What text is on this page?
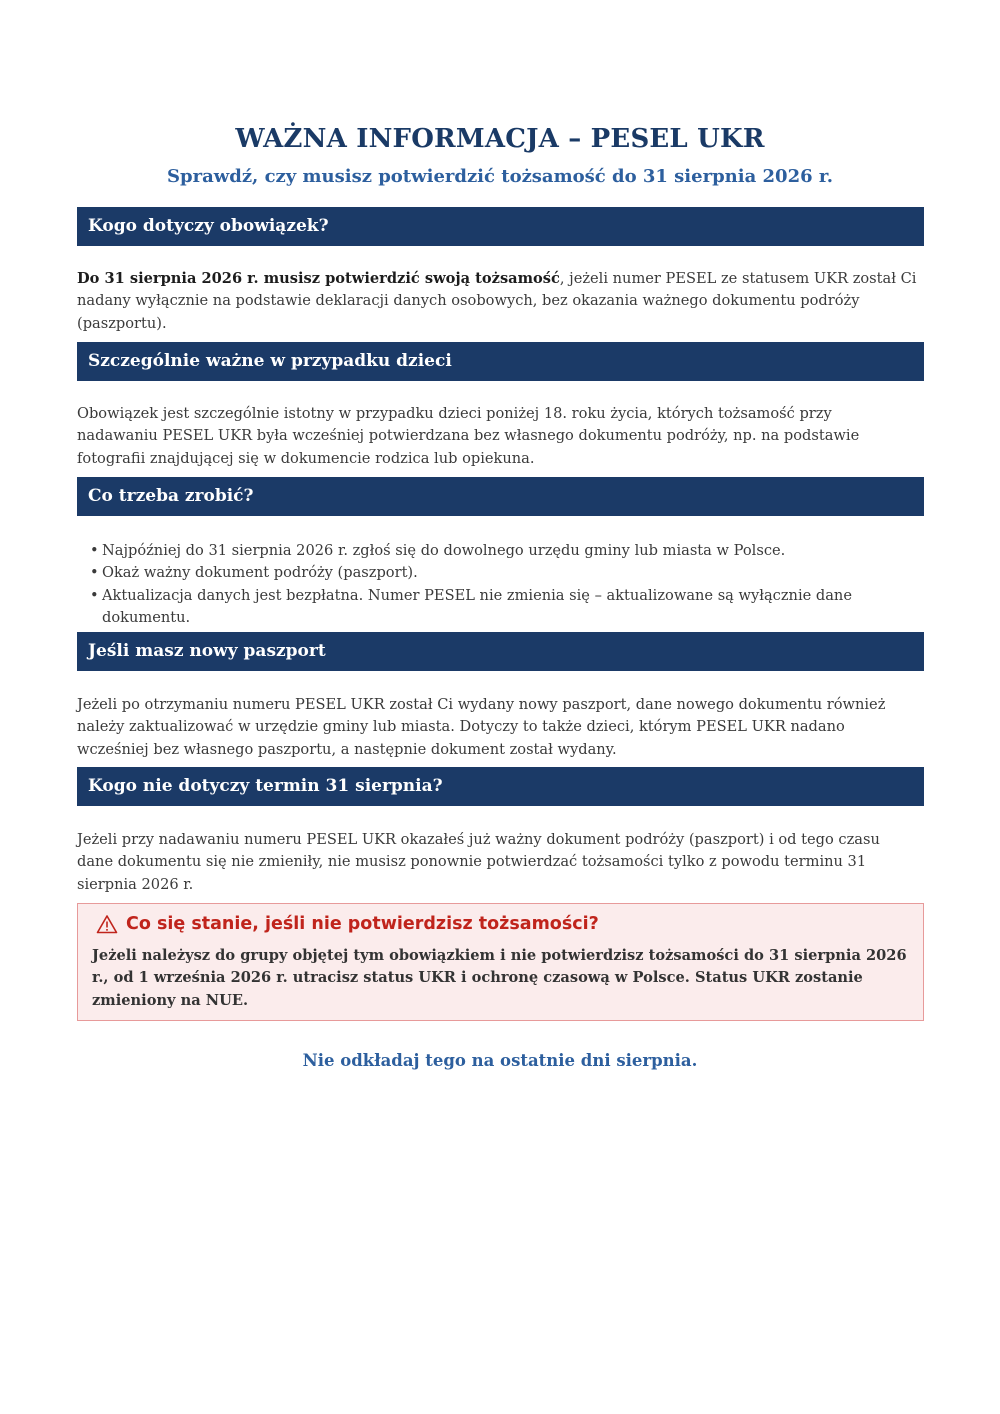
WAŻNA INFORMACJA – PESEL UKR
Sprawdź, czy musisz potwierdzić tożsamość do 31 sierpnia 2026 r.
Kogo dotyczy obowiązek?
Do 31 sierpnia 2026 r. musisz potwierdzić swoją tożsamość, jeżeli numer PESEL ze statusem UKR został Ci nadany wyłącznie na podstawie deklaracji danych osobowych, bez okazania ważnego dokumentu podróży (paszportu).
Szczególnie ważne w przypadku dzieci
Obowiązek jest szczególnie istotny w przypadku dzieci poniżej 18. roku życia, których tożsamość przy nadawaniu PESEL UKR była wcześniej potwierdzana bez własnego dokumentu podróży, np. na podstawie fotografii znajdującej się w dokumencie rodzica lub opiekuna.
Co trzeba zrobić?
• Najpóźniej do 31 sierpnia 2026 r. zgłoś się do dowolnego urzędu gminy lub miasta w Polsce.
• Okaż ważny dokument podróży (paszport).
• Aktualizacja danych jest bezpłatna. Numer PESEL nie zmienia się – aktualizowane są wyłącznie dane dokumentu.
Jeśli masz nowy paszport
Jeżeli po otrzymaniu numeru PESEL UKR został Ci wydany nowy paszport, dane nowego dokumentu również należy zaktualizować w urzędzie gminy lub miasta. Dotyczy to także dzieci, którym PESEL UKR nadano wcześniej bez własnego paszportu, a następnie dokument został wydany.
Kogo nie dotyczy termin 31 sierpnia?
Jeżeli przy nadawaniu numeru PESEL UKR okazałeś już ważny dokument podróży (paszport) i od tego czasu dane dokumentu się nie zmieniły, nie musisz ponownie potwierdzać tożsamości tylko z powodu terminu 31 sierpnia 2026 r.
Co się stanie, jeśli nie potwierdzisz tożsamości?
Jeżeli należysz do grupy objętej tym obowiązkiem i nie potwierdzisz tożsamości do 31 sierpnia 2026 r., od 1 września 2026 r. utracisz status UKR i ochronę czasową w Polsce. Status UKR zostanie zmieniony na NUE.
Nie odkładaj tego na ostatnie dni sierpnia.
